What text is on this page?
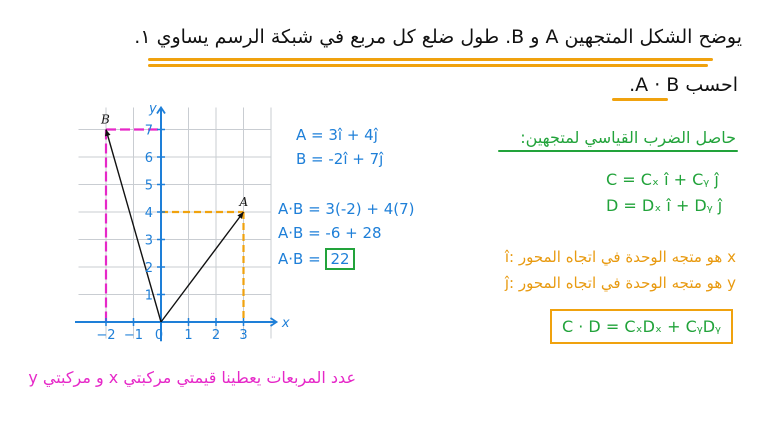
يوضح الشكل المتجهين A و B. طول ضلع كل مربع في شبكة الرسم يساوي ١.
احسب A · B.
−2 −1	1 2 3
1
2
3
4
5
6
7
0
x
y
A
B
A = 3î + 4ĵ
B = -2î + 7ĵ
A·B = 3(-2) + 4(7)
A·B = -6 + 28
A·B = 22
حاصل الضرب القياسي لمتجهين:
C = Cₓ î + Cᵧ ĵ
D = Dₓ î + Dᵧ ĵ
î: هو متجه الوحدة في اتجاه المحور x
ĵ: هو متجه الوحدة في اتجاه المحور y
C · D = CₓDₓ + CᵧDᵧ
عدد المربعات يعطينا قيمتي مركبتي x و مركبتي y
